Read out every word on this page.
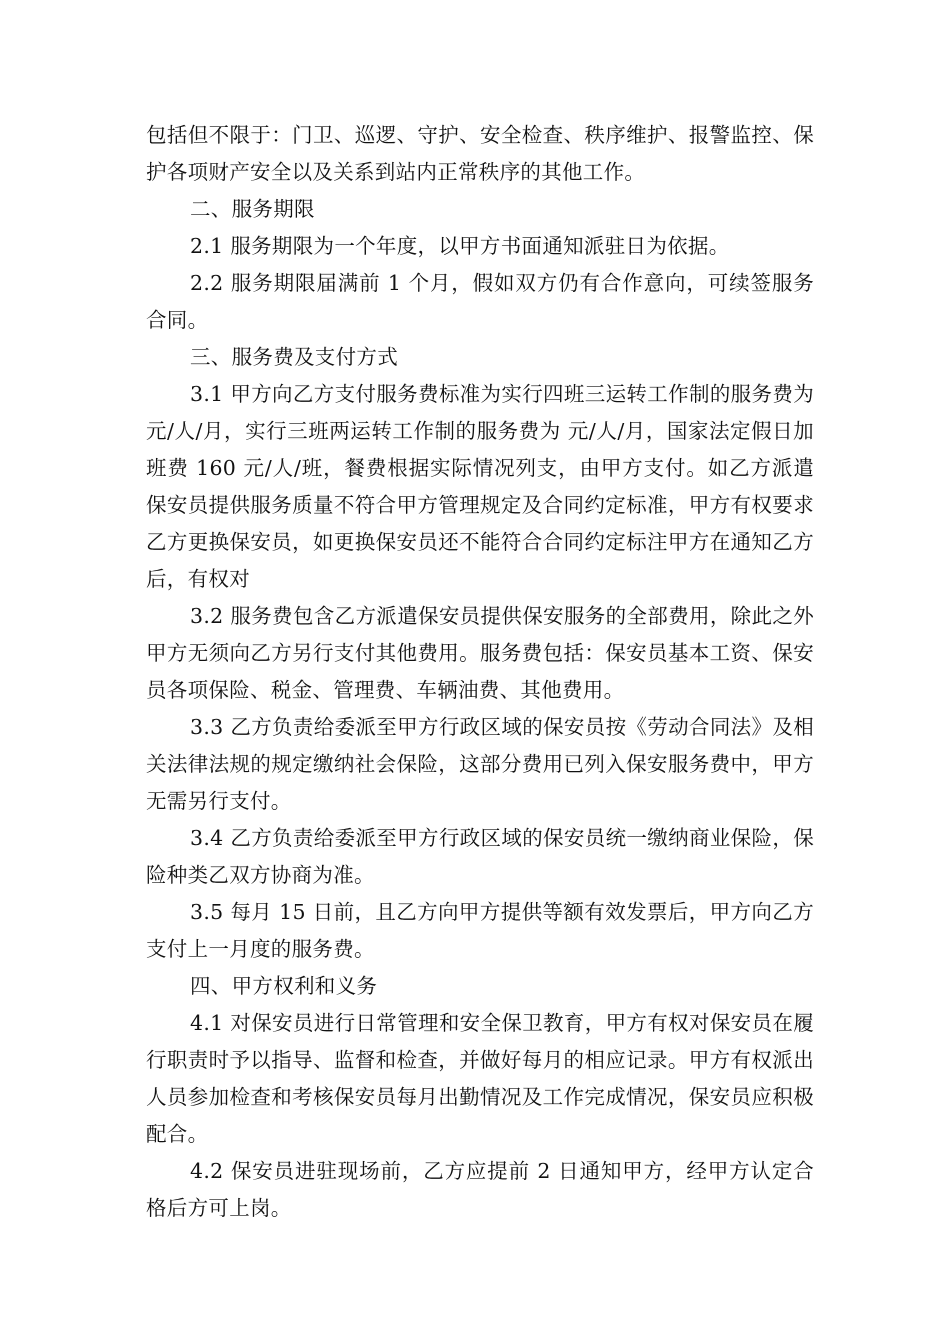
包括但不限于：门卫、巡逻、守护、安全检查、秩序维护、报警监控、保护各项财产安全以及关系到站内正常秩序的其他工作。

二、服务期限

2.1 服务期限为一个年度，以甲方书面通知派驻日为依据。

2.2 服务期限届满前 1 个月，假如双方仍有合作意向，可续签服务合同。

三、服务费及支付方式

3.1 甲方向乙方支付服务费标准为实行四班三运转工作制的服务费为 元/人/月，实行三班两运转工作制的服务费为 元/人/月，国家法定假日加班费 160 元/人/班，餐费根据实际情况列支，由甲方支付。如乙方派遣保安员提供服务质量不符合甲方管理规定及合同约定标准，甲方有权要求乙方更换保安员，如更换保安员还不能符合合同约定标注甲方在通知乙方后，有权对

3.2 服务费包含乙方派遣保安员提供保安服务的全部费用，除此之外甲方无须向乙方另行支付其他费用。服务费包括：保安员基本工资、保安员各项保险、税金、管理费、车辆油费、其他费用。

3.3 乙方负责给委派至甲方行政区域的保安员按《劳动合同法》及相关法律法规的规定缴纳社会保险，这部分费用已列入保安服务费中，甲方无需另行支付。

3.4 乙方负责给委派至甲方行政区域的保安员统一缴纳商业保险，保险种类乙双方协商为准。

3.5 每月 15 日前，且乙方向甲方提供等额有效发票后，甲方向乙方支付上一月度的服务费。

四、甲方权利和义务

4.1 对保安员进行日常管理和安全保卫教育，甲方有权对保安员在履行职责时予以指导、监督和检查，并做好每月的相应记录。甲方有权派出人员参加检查和考核保安员每月出勤情况及工作完成情况，保安员应积极配合。

4.2 保安员进驻现场前，乙方应提前 2 日通知甲方，经甲方认定合格后方可上岗。
